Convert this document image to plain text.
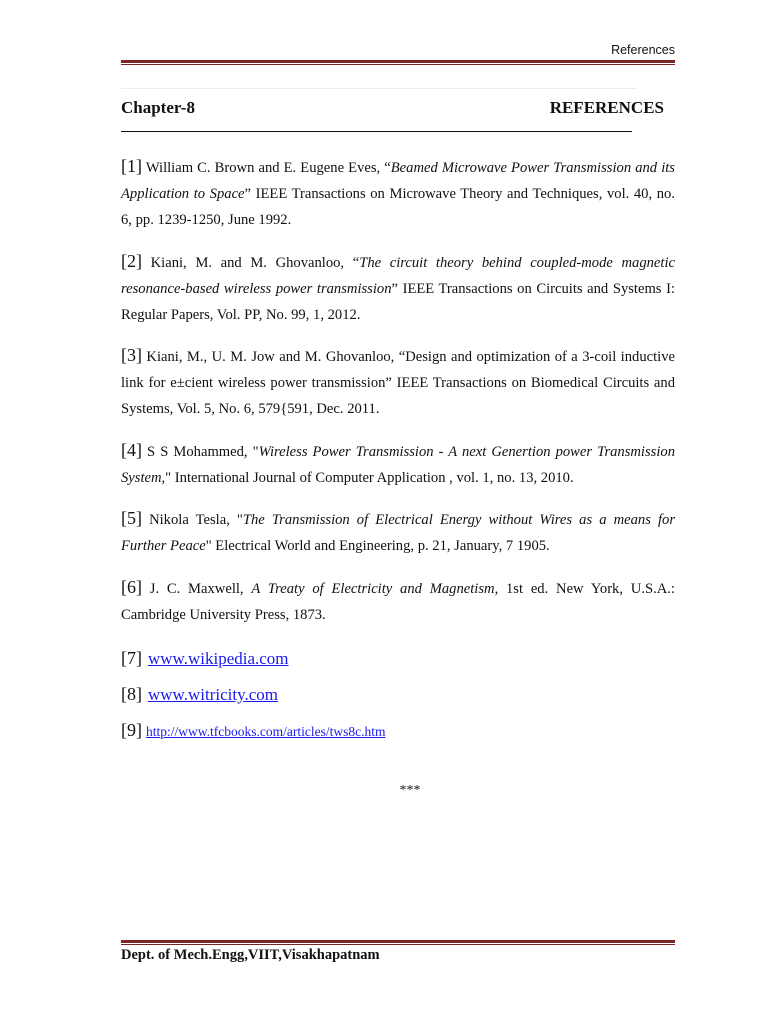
References
Chapter-8	REFERENCES

[1] William C. Brown and E. Eugene Eves, “Beamed Microwave Power Transmission and its Application to Space” IEEE Transactions on Microwave Theory and Techniques, vol. 40, no. 6, pp. 1239-1250, June 1992.

[2] Kiani, M. and M. Ghovanloo, “The circuit theory behind coupled-mode magnetic resonance-based wireless power transmission” IEEE Transactions on Circuits and Systems I: Regular Papers, Vol. PP, No. 99, 1, 2012.

[3] Kiani, M., U. M. Jow and M. Ghovanloo, “Design and optimization of a 3-coil inductive link for e±cient wireless power transmission” IEEE Transactions on Biomedical Circuits and Systems, Vol. 5, No. 6, 579{591, Dec. 2011.

[4] S S Mohammed, "Wireless Power Transmission - A next Genertion power Transmission System," International Journal of Computer Application , vol. 1, no. 13, 2010.

[5] Nikola Tesla, "The Transmission of Electrical Energy without Wires as a means for Further Peace" Electrical World and Engineering, p. 21, January, 7 1905.

[6] J. C. Maxwell, A Treaty of Electricity and Magnetism, 1st ed. New York, U.S.A.: Cambridge University Press, 1873.

[7] www.wikipedia.com
[8] www.witricity.com
[9] http://www.tfcbooks.com/articles/tws8c.htm
***
Dept. of Mech.Engg,VIIT,Visakhapatnam
